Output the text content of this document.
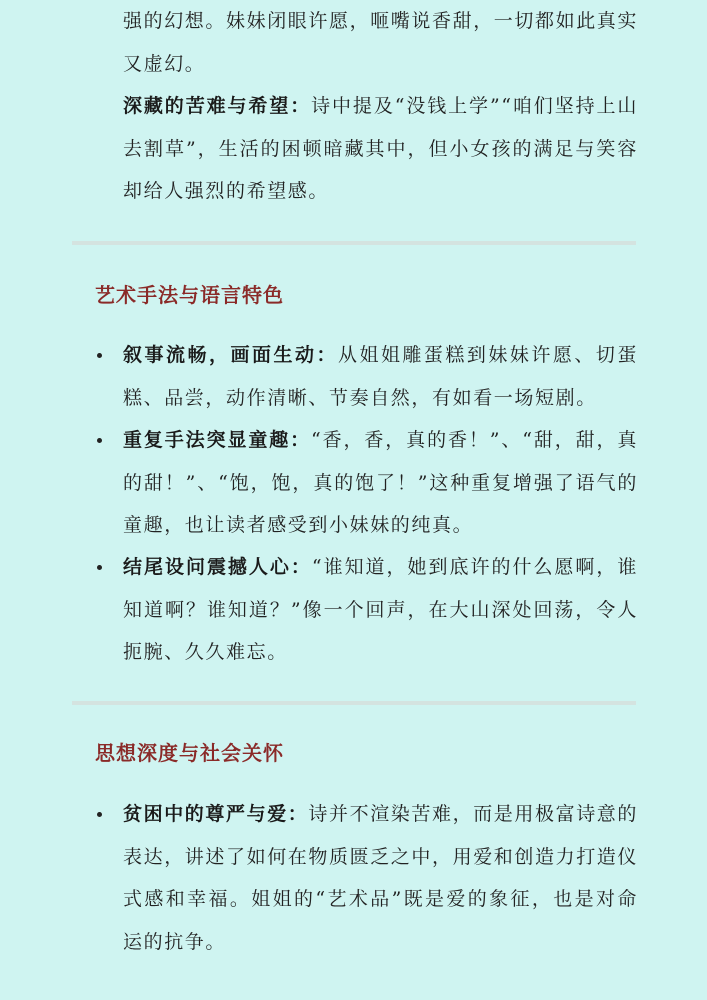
强的幻想。妹妹闭眼许愿，咂嘴说香甜，一切都如此真实又虚幻。
深藏的苦难与希望：诗中提及“没钱上学”“咱们坚持上山去割草”，生活的困顿暗藏其中，但小女孩的满足与笑容却给人强烈的希望感。
艺术手法与语言特色
叙事流畅，画面生动：从姐姐雕蛋糕到妹妹许愿、切蛋糕、品尝，动作清晰、节奏自然，有如看一场短剧。
重复手法突显童趣：“香，香，真的香！”、“甜，甜，真的甜！”、“饱，饱，真的饱了！”这种重复增强了语气的童趣，也让读者感受到小妹妹的纯真。
结尾设问震撼人心：“谁知道，她到底许的什么愿啊，谁知道啊？谁知道？”像一个回声，在大山深处回荡，令人扼腕、久久难忘。
思想深度与社会关怀
贫困中的尊严与爱：诗并不渲染苦难，而是用极富诗意的表达，讲述了如何在物质匮乏之中，用爱和创造力打造仪式感和幸福。姐姐的“艺术品”既是爱的象征，也是对命运的抗争。
